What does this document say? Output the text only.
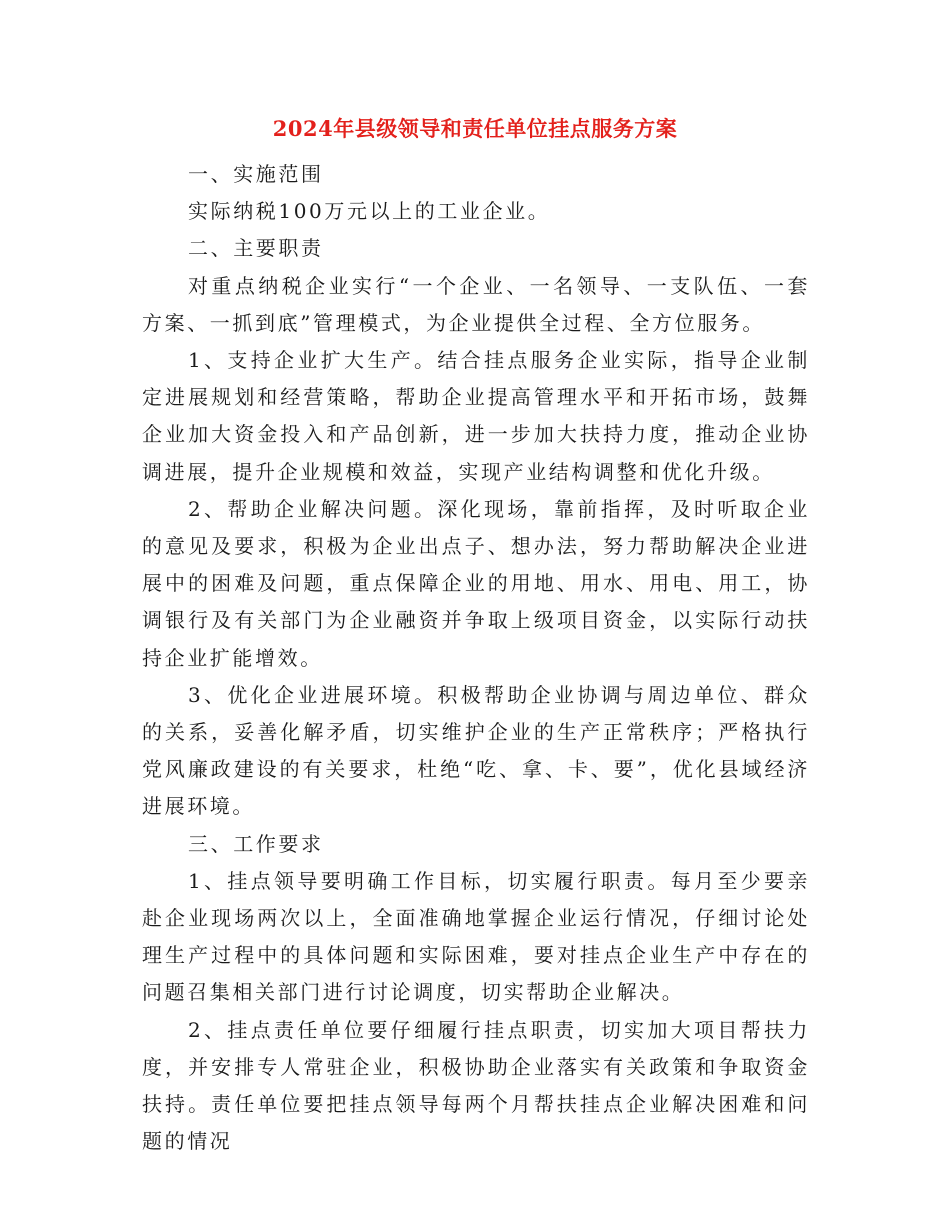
2024年县级领导和责任单位挂点服务方案

一、实施范围

实际纳税100万元以上的工业企业。

二、主要职责

对重点纳税企业实行“一个企业、一名领导、一支队伍、一套方案、一抓到底”管理模式，为企业提供全过程、全方位服务。

1、支持企业扩大生产。结合挂点服务企业实际，指导企业制定进展规划和经营策略，帮助企业提高管理水平和开拓市场，鼓舞企业加大资金投入和产品创新，进一步加大扶持力度，推动企业协调进展，提升企业规模和效益，实现产业结构调整和优化升级。

2、帮助企业解决问题。深化现场，靠前指挥，及时听取企业的意见及要求，积极为企业出点子、想办法，努力帮助解决企业进展中的困难及问题，重点保障企业的用地、用水、用电、用工，协调银行及有关部门为企业融资并争取上级项目资金，以实际行动扶持企业扩能增效。

3、优化企业进展环境。积极帮助企业协调与周边单位、群众的关系，妥善化解矛盾，切实维护企业的生产正常秩序；严格执行党风廉政建设的有关要求，杜绝“吃、拿、卡、要”，优化县域经济进展环境。

三、工作要求

1、挂点领导要明确工作目标，切实履行职责。每月至少要亲赴企业现场两次以上，全面准确地掌握企业运行情况，仔细讨论处理生产过程中的具体问题和实际困难，要对挂点企业生产中存在的问题召集相关部门进行讨论调度，切实帮助企业解决。

2、挂点责任单位要仔细履行挂点职责，切实加大项目帮扶力度，并安排专人常驻企业，积极协助企业落实有关政策和争取资金扶持。责任单位要把挂点领导每两个月帮扶挂点企业解决困难和问题的情况
